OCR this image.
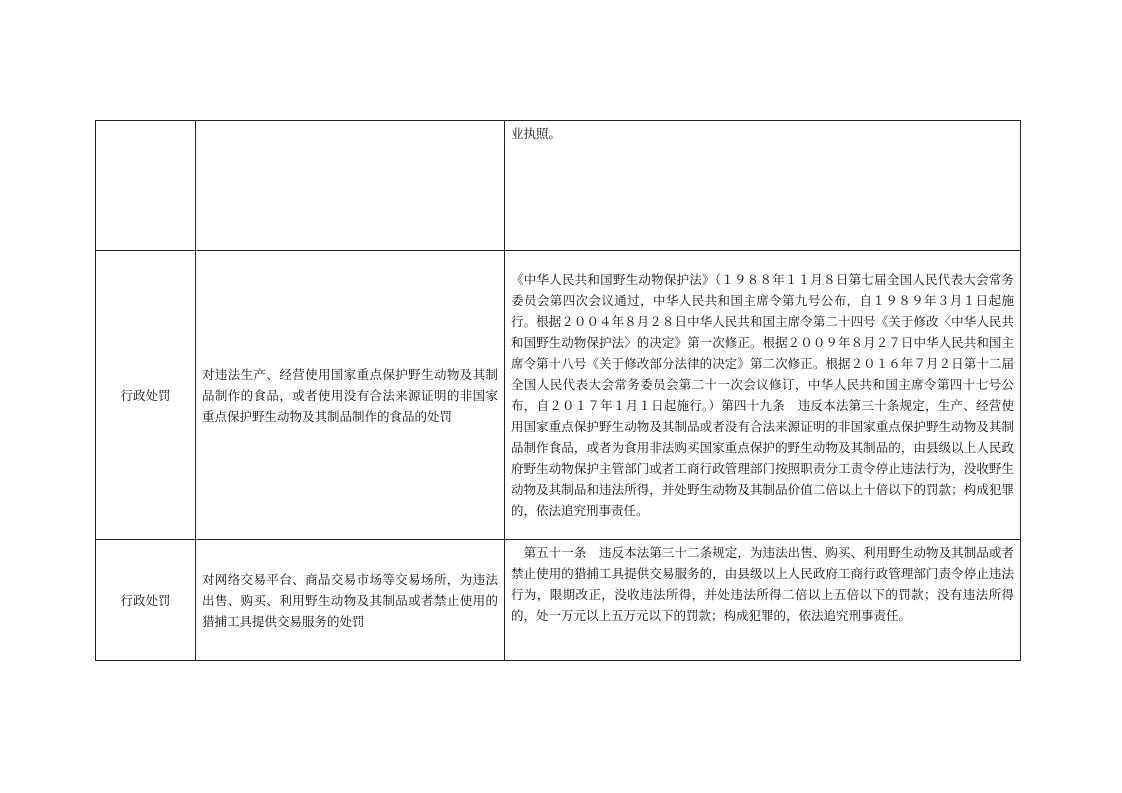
		业执照。
行政处罚	对违法生产、经营使用国家重点保护野生动物及其制品制作的食品，或者使用没有合法来源证明的非国家重点保护野生动物及其制品制作的食品的处罚	《中华人民共和国野生动物保护法》（１９８８年１１月８日第七届全国人民代表大会常务委员会第四次会议通过，中华人民共和国主席令第九号公布，自１９８９年３月１日起施行。根据２００４年８月２８日中华人民共和国主席令第二十四号《关于修改〈中华人民共和国野生动物保护法〉的决定》第一次修正。根据２００９年８月２７日中华人民共和国主席令第十八号《关于修改部分法律的决定》第二次修正。根据２０１６年７月２日第十二届全国人民代表大会常务委员会第二十一次会议修订，中华人民共和国主席令第四十七号公布，自２０１７年１月１日起施行。）第四十九条　违反本法第三十条规定，生产、经营使用国家重点保护野生动物及其制品或者没有合法来源证明的非国家重点保护野生动物及其制品制作食品，或者为食用非法购买国家重点保护的野生动物及其制品的，由县级以上人民政府野生动物保护主管部门或者工商行政管理部门按照职责分工责令停止违法行为，没收野生动物及其制品和违法所得，并处野生动物及其制品价值二倍以上十倍以下的罚款；构成犯罪的，依法追究刑事责任。
行政处罚	对网络交易平台、商品交易市场等交易场所，为违法出售、购买、利用野生动物及其制品或者禁止使用的猎捕工具提供交易服务的处罚	　第五十一条　违反本法第三十二条规定，为违法出售、购买、利用野生动物及其制品或者禁止使用的猎捕工具提供交易服务的，由县级以上人民政府工商行政管理部门责令停止违法行为，限期改正，没收违法所得，并处违法所得二倍以上五倍以下的罚款；没有违法所得的，处一万元以上五万元以下的罚款；构成犯罪的，依法追究刑事责任。
